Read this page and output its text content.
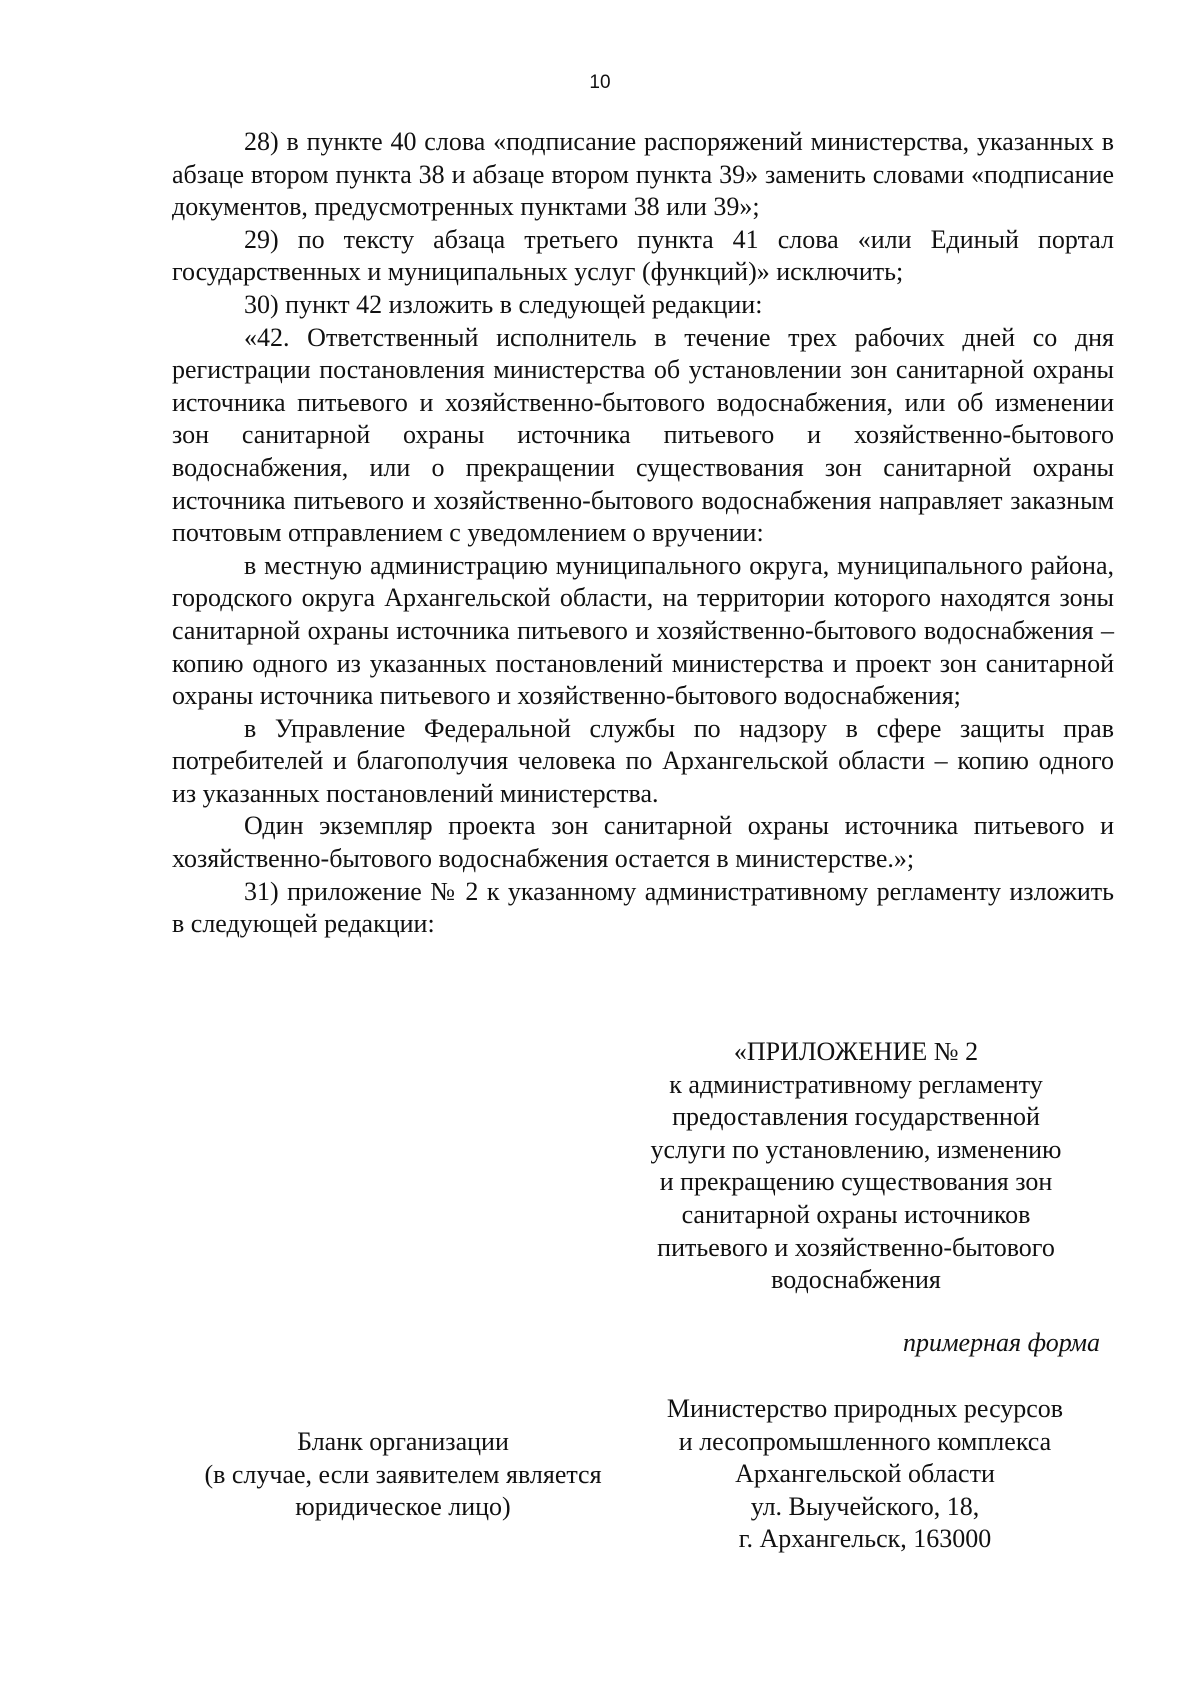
10

28) в пункте 40 слова «подписание распоряжений министерства, указанных в абзаце втором пункта 38 и абзаце втором пункта 39» заменить словами «подписание документов, предусмотренных пунктами 38 или 39»;

29) по тексту абзаца третьего пункта 41 слова «или Единый портал государственных и муниципальных услуг (функций)» исключить;

30) пункт 42 изложить в следующей редакции:

«42. Ответственный исполнитель в течение трех рабочих дней со дня регистрации постановления министерства об установлении зон санитарной охраны источника питьевого и хозяйственно-бытового водоснабжения, или об изменении зон санитарной охраны источника питьевого и хозяйственно-бытового водоснабжения, или о прекращении существования зон санитарной охраны источника питьевого и хозяйственно-бытового водоснабжения направляет заказным почтовым отправлением с уведомлением о вручении:

в местную администрацию муниципального округа, муниципального района, городского округа Архангельской области, на территории которого находятся зоны санитарной охраны источника питьевого и хозяйственно-бытового водоснабжения – копию одного из указанных постановлений министерства и проект зон санитарной охраны источника питьевого и хозяйственно-бытового водоснабжения;

в Управление Федеральной службы по надзору в сфере защиты прав потребителей и благополучия человека по Архангельской области – копию одного из указанных постановлений министерства.

Один экземпляр проекта зон санитарной охраны источника питьевого и хозяйственно-бытового водоснабжения остается в министерстве.»;

31) приложение № 2 к указанному административному регламенту изложить в следующей редакции:

«ПРИЛОЖЕНИЕ № 2

к административному регламенту

предоставления государственной

услуги по установлению, изменению

и прекращению существования зон

санитарной охраны источников

питьевого и хозяйственно-бытового

водоснабжения

примерная форма

Бланк организации

(в случае, если заявителем является

юридическое лицо)

Министерство природных ресурсов

и лесопромышленного комплекса

Архангельской области

ул. Выучейского, 18,

г. Архангельск, 163000
